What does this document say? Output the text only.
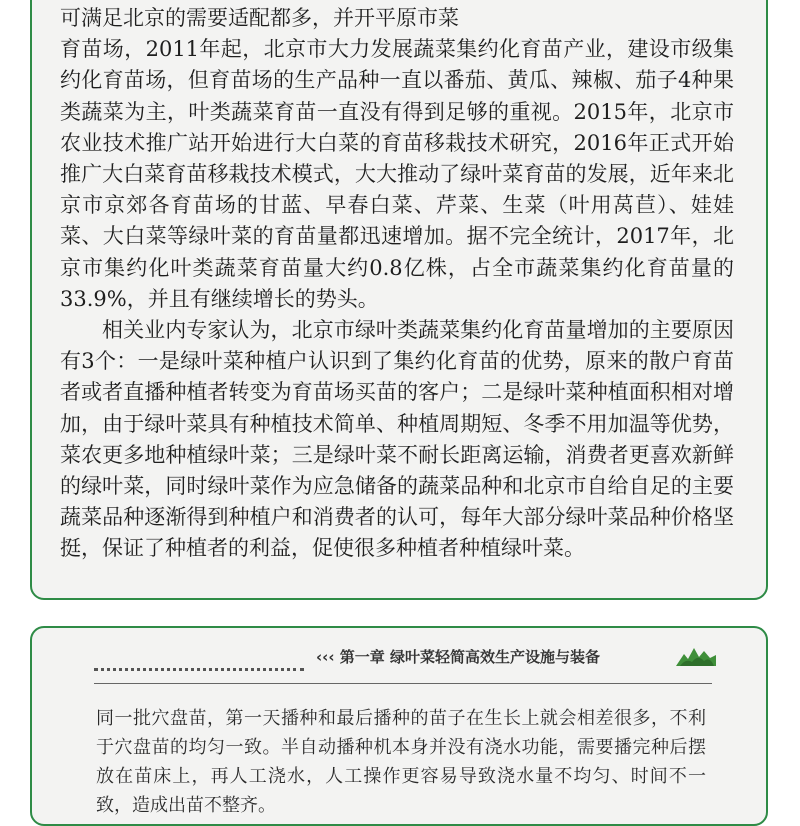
可满足北京的需要适配都多，并开平原市菜

育苗场，2011年起，北京市大力发展蔬菜集约化育苗产业，建设市级集约化育苗场，但育苗场的生产品种一直以番茄、黄瓜、辣椒、茄子4种果类蔬菜为主，叶类蔬菜育苗一直没有得到足够的重视。2015年，北京市农业技术推广站开始进行大白菜的育苗移栽技术研究，2016年正式开始推广大白菜育苗移栽技术模式，大大推动了绿叶菜育苗的发展，近年来北京市京郊各育苗场的甘蓝、早春白菜、芹菜、生菜（叶用莴苣）、娃娃菜、大白菜等绿叶菜的育苗量都迅速增加。据不完全统计，2017年，北京市集约化叶类蔬菜育苗量大约0.8亿株，占全市蔬菜集约化育苗量的33.9%，并且有继续增长的势头。

相关业内专家认为，北京市绿叶类蔬菜集约化育苗量增加的主要原因有3个：一是绿叶菜种植户认识到了集约化育苗的优势，原来的散户育苗者或者直播种植者转变为育苗场买苗的客户；二是绿叶菜种植面积相对增加，由于绿叶菜具有种植技术简单、种植周期短、冬季不用加温等优势，菜农更多地种植绿叶菜；三是绿叶菜不耐长距离运输，消费者更喜欢新鲜的绿叶菜，同时绿叶菜作为应急储备的蔬菜品种和北京市自给自足的主要蔬菜品种逐渐得到种植户和消费者的认可，每年大部分绿叶菜品种价格坚挺，保证了种植者的利益，促使很多种植者种植绿叶菜。

‹‹‹ 第一章 绿叶菜轻简高效生产设施与装备

同一批穴盘苗，第一天播种和最后播种的苗子在生长上就会相差很多，不利于穴盘苗的均匀一致。半自动播种机本身并没有浇水功能，需要播完种后摆放在苗床上，再人工浇水，人工操作更容易导致浇水量不均匀、时间不一致，造成出苗不整齐。
